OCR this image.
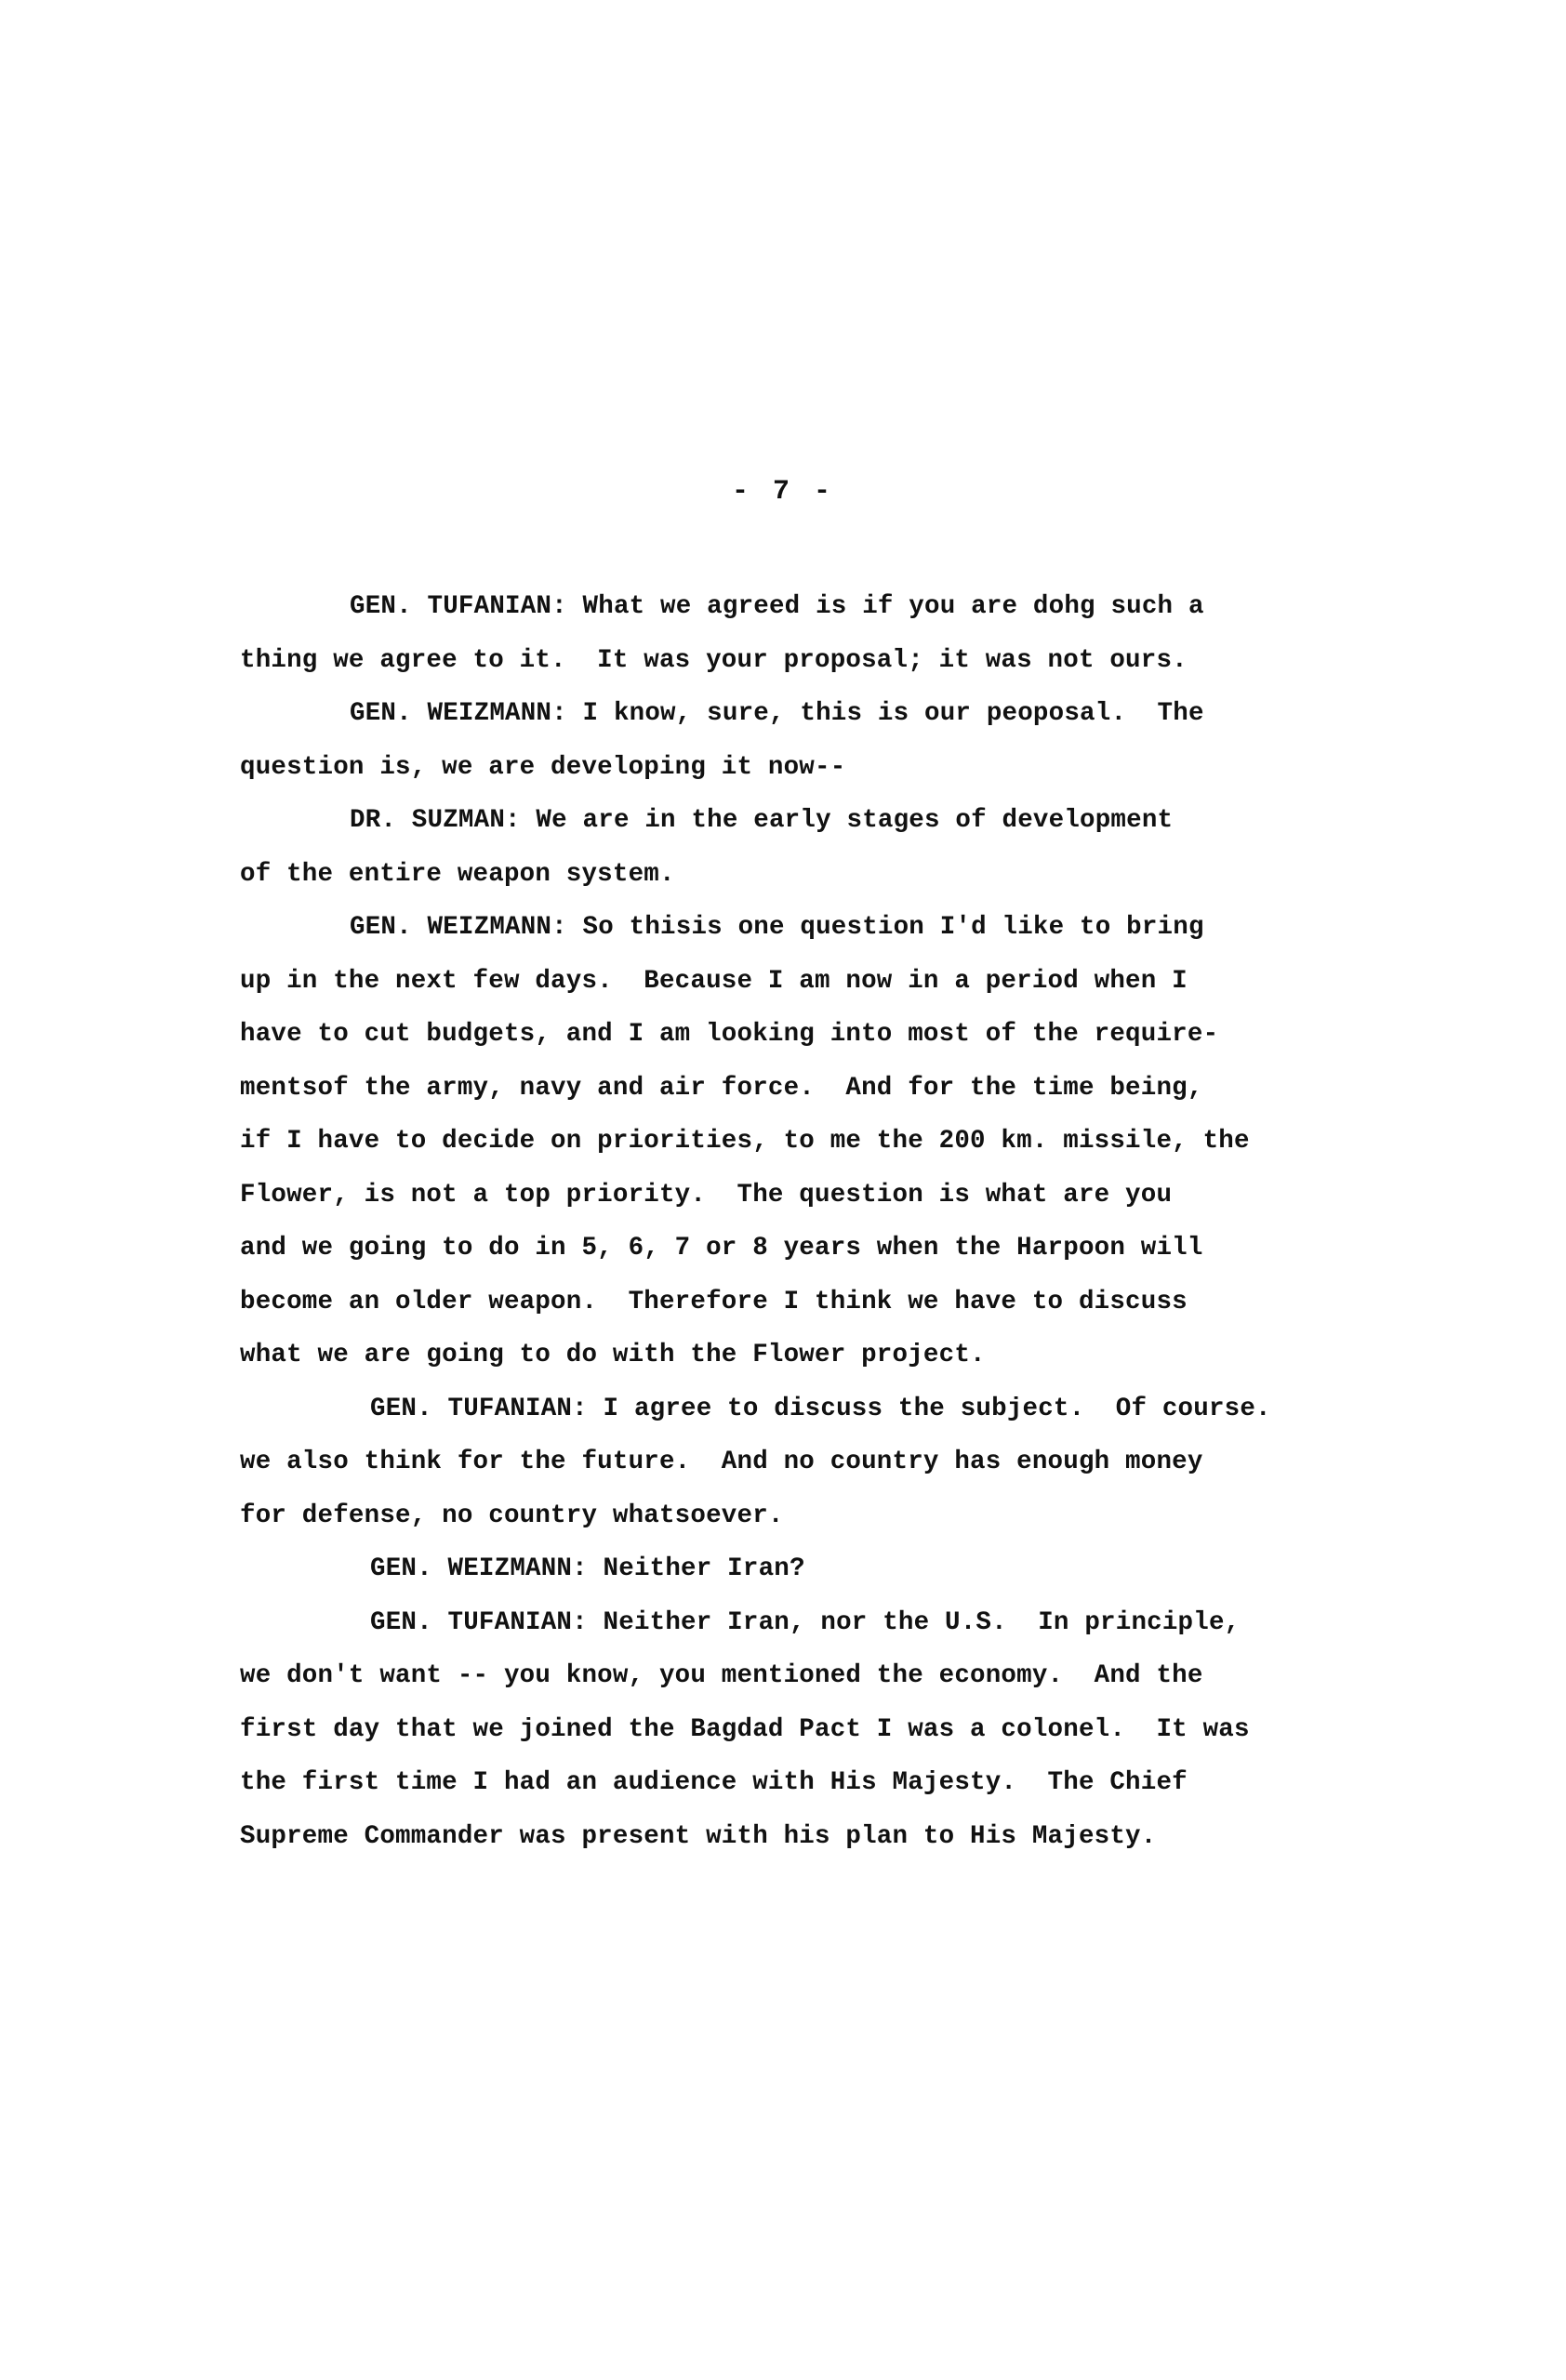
- 7 -
GEN. TUFANIAN: What we agreed is if you are dohg such a
thing we agree to it.  It was your proposal; it was not ours.
GEN. WEIZMANN: I know, sure, this is our peoposal.  The
question is, we are developing it now--
DR. SUZMAN: We are in the early stages of development
of the entire weapon system.
GEN. WEIZMANN: So thisis one question I'd like to bring
up in the next few days.  Because I am now in a period when I
have to cut budgets, and I am looking into most of the require-
mentsof the army, navy and air force.  And for the time being,
if I have to decide on priorities, to me the 200 km. missile, the
Flower, is not a top priority.  The question is what are you
and we going to do in 5, 6, 7 or 8 years when the Harpoon will
become an older weapon.  Therefore I think we have to discuss
what we are going to do with the Flower project.
GEN. TUFANIAN: I agree to discuss the subject.  Of course.
we also think for the future.  And no country has enough money
for defense, no country whatsoever.
GEN. WEIZMANN: Neither Iran?
GEN. TUFANIAN: Neither Iran, nor the U.S.  In principle,
we don't want -- you know, you mentioned the economy.  And the
first day that we joined the Bagdad Pact I was a colonel.  It was
the first time I had an audience with His Majesty.  The Chief
Supreme Commander was present with his plan to His Majesty.
